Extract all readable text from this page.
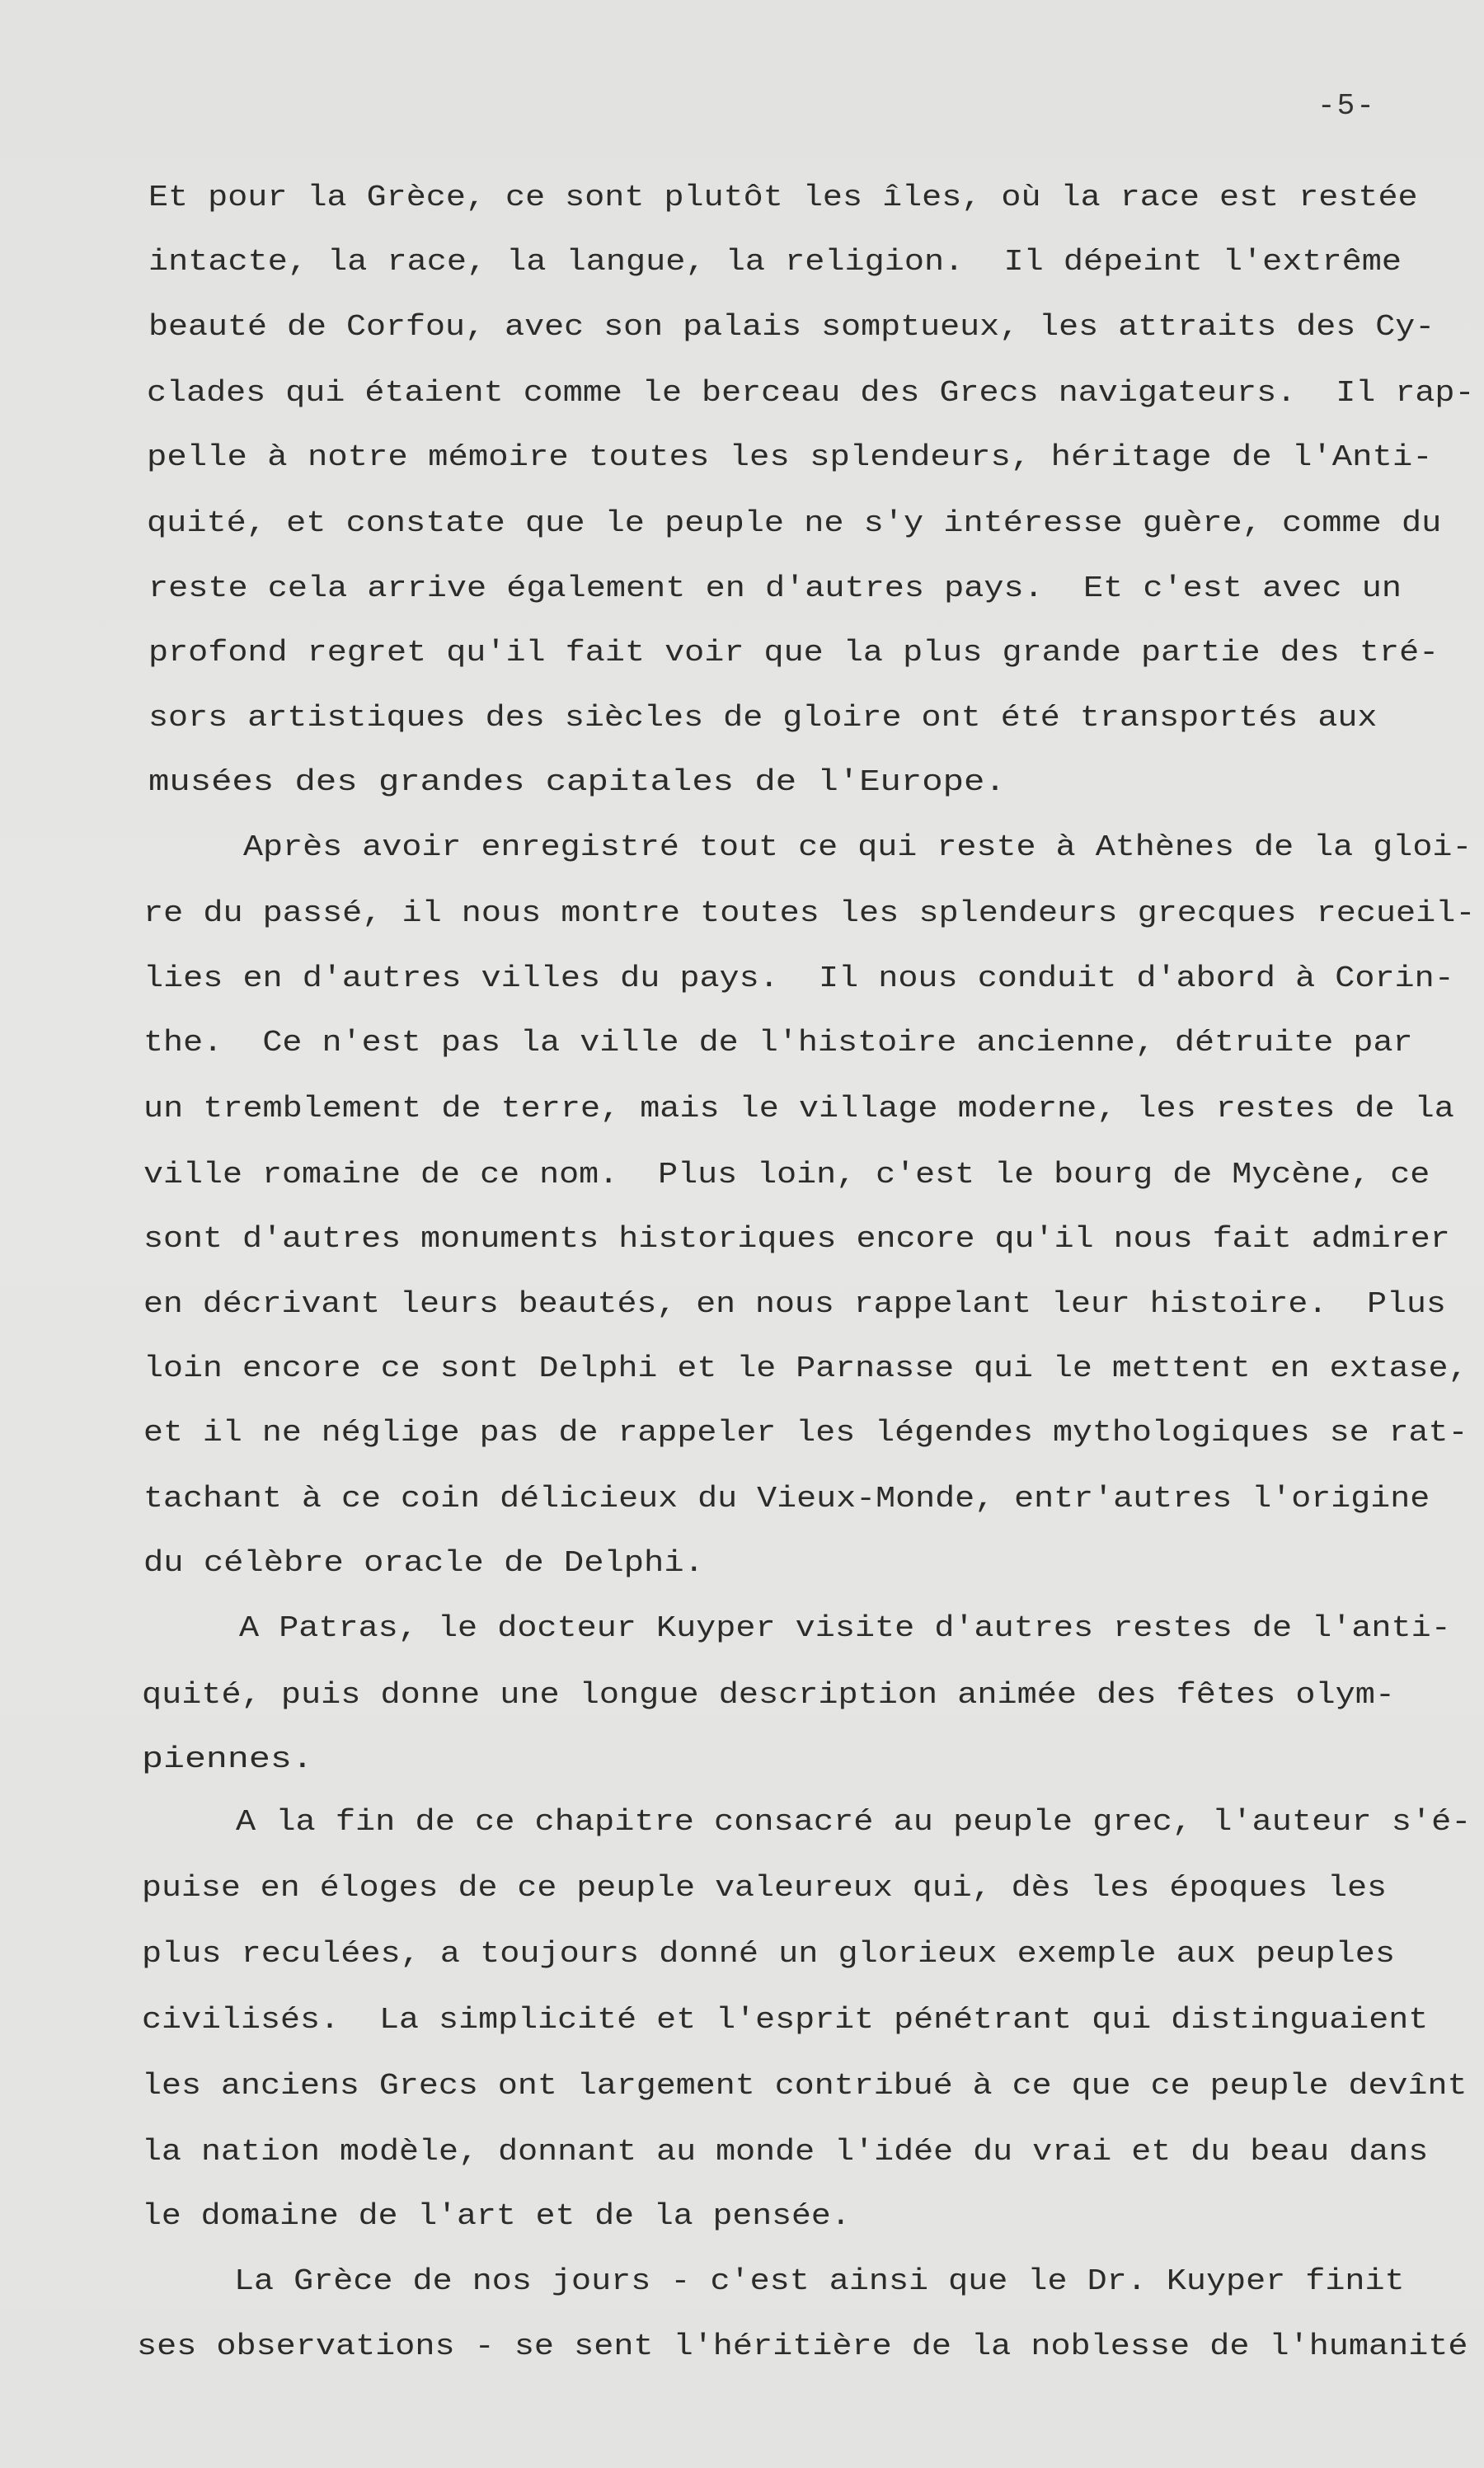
-5-
Et pour la Grèce, ce sont plutôt les îles, où la race est restée
intacte, la race, la langue, la religion.  Il dépeint l'extrême
beauté de Corfou, avec son palais somptueux, les attraits des Cy-
clades qui étaient comme le berceau des Grecs navigateurs.  Il rap-
pelle à notre mémoire toutes les splendeurs, héritage de l'Anti-
quité, et constate que le peuple ne s'y intéresse guère, comme du
reste cela arrive également en d'autres pays.  Et c'est avec un
profond regret qu'il fait voir que la plus grande partie des tré-
sors artistiques des siècles de gloire ont été transportés aux
musées des grandes capitales de l'Europe.
Après avoir enregistré tout ce qui reste à Athènes de la gloi-
re du passé, il nous montre toutes les splendeurs grecques recueil-
lies en d'autres villes du pays.  Il nous conduit d'abord à Corin-
the.  Ce n'est pas la ville de l'histoire ancienne, détruite par
un tremblement de terre, mais le village moderne, les restes de la
ville romaine de ce nom.  Plus loin, c'est le bourg de Mycène, ce
sont d'autres monuments historiques encore qu'il nous fait admirer
en décrivant leurs beautés, en nous rappelant leur histoire.  Plus
loin encore ce sont Delphi et le Parnasse qui le mettent en extase,
et il ne néglige pas de rappeler les légendes mythologiques se rat-
tachant à ce coin délicieux du Vieux-Monde, entr'autres l'origine
du célèbre oracle de Delphi.
A Patras, le docteur Kuyper visite d'autres restes de l'anti-
quité, puis donne une longue description animée des fêtes olym-
piennes.
A la fin de ce chapitre consacré au peuple grec, l'auteur s'é-
puise en éloges de ce peuple valeureux qui, dès les époques les
plus reculées, a toujours donné un glorieux exemple aux peuples
civilisés.  La simplicité et l'esprit pénétrant qui distinguaient
les anciens Grecs ont largement contribué à ce que ce peuple devînt
la nation modèle, donnant au monde l'idée du vrai et du beau dans
le domaine de l'art et de la pensée.
La Grèce de nos jours - c'est ainsi que le Dr. Kuyper finit
ses observations - se sent l'héritière de la noblesse de l'humanité
